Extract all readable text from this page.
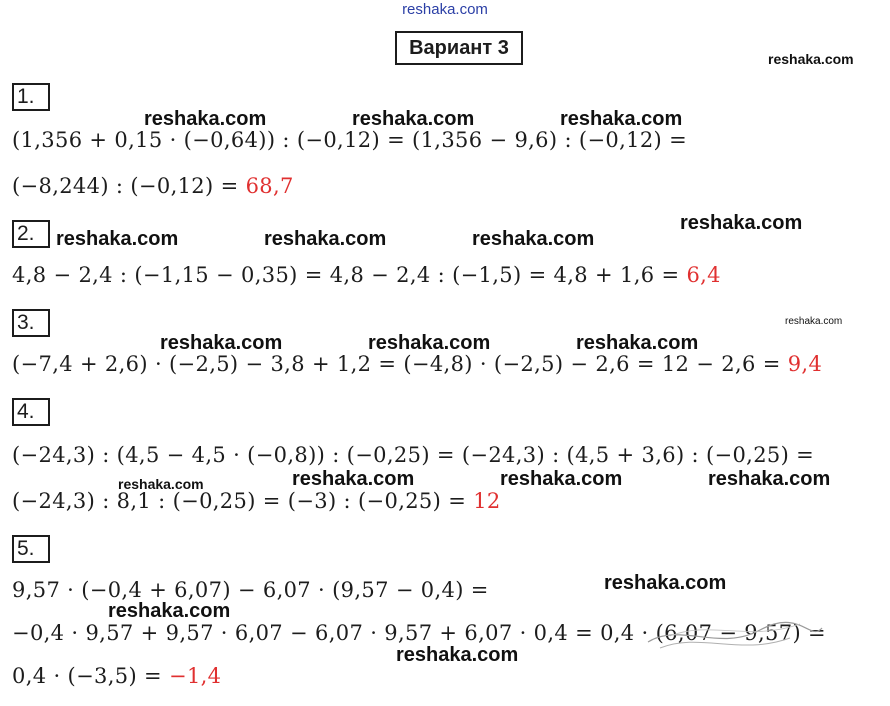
reshaka.com
Вариант 3
1.
(1,356 + 0,15 · (−0,64)) : (−0,12) = (1,356 − 9,6) : (−0,12) =
(−8,244) : (−0,12) = 68,7
2.
4,8 − 2,4 : (−1,15 − 0,35) = 4,8 − 2,4 : (−1,5) = 4,8 + 1,6 = 6,4
3.
(−7,4 + 2,6) · (−2,5) − 3,8 + 1,2 = (−4,8) · (−2,5) − 2,6 = 12 − 2,6 = 9,4
4.
(−24,3) : (4,5 − 4,5 · (−0,8)) : (−0,25) = (−24,3) : (4,5 + 3,6) : (−0,25) =
(−24,3) : 8,1 : (−0,25) = (−3) : (−0,25) = 12
5.
9,57 · (−0,4 + 6,07) − 6,07 · (9,57 − 0,4) =
−0,4 · 9,57 + 9,57 · 6,07 − 6,07 · 9,57 + 6,07 · 0,4 = 0,4 · (6,07 − 9,57) =
0,4 · (−3,5) = −1,4
reshaka.com
reshaka.com	reshaka.com	reshaka.com
reshaka.com
reshaka.com	reshaka.com	reshaka.com
reshaka.com
reshaka.com	reshaka.com	reshaka.com
reshaka.com	reshaka.com	reshaka.com	reshaka.com
reshaka.com
reshaka.com
reshaka.com
